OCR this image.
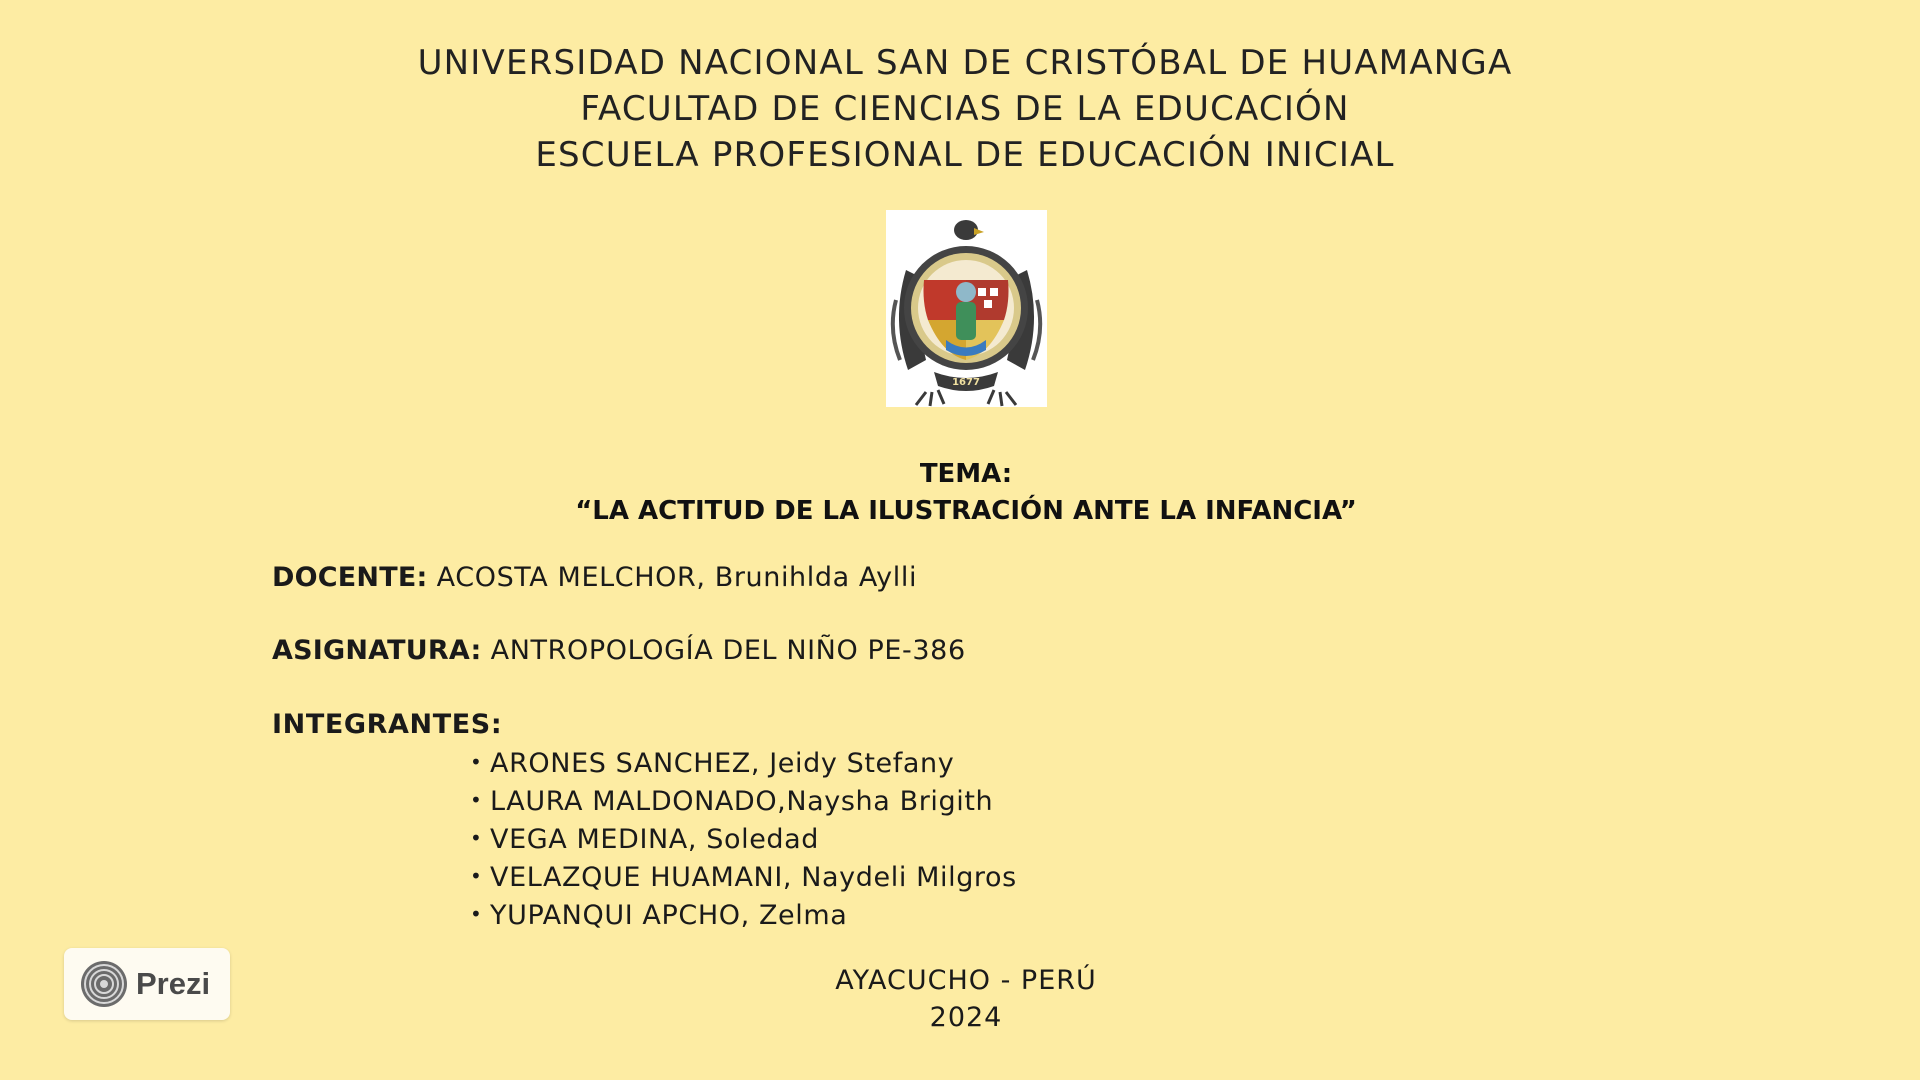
UNIVERSIDAD NACIONAL SAN DE CRISTÓBAL DE HUAMANGA
FACULTAD DE CIENCIAS DE LA EDUCACIÓN
ESCUELA PROFESIONAL DE EDUCACIÓN INICIAL
1677
TEMA:
“LA ACTITUD DE LA ILUSTRACIÓN ANTE LA INFANCIA”
DOCENTE: ACOSTA MELCHOR, Brunihlda Aylli
ASIGNATURA: ANTROPOLOGÍA DEL NIÑO PE-386
INTEGRANTES:
• ARONES SANCHEZ, Jeidy Stefany
• LAURA MALDONADO,Naysha Brigith
• VEGA MEDINA, Soledad
• VELAZQUE HUAMANI, Naydeli Milgros
• YUPANQUI APCHO, Zelma
AYACUCHO - PERÚ
2024
Prezi
